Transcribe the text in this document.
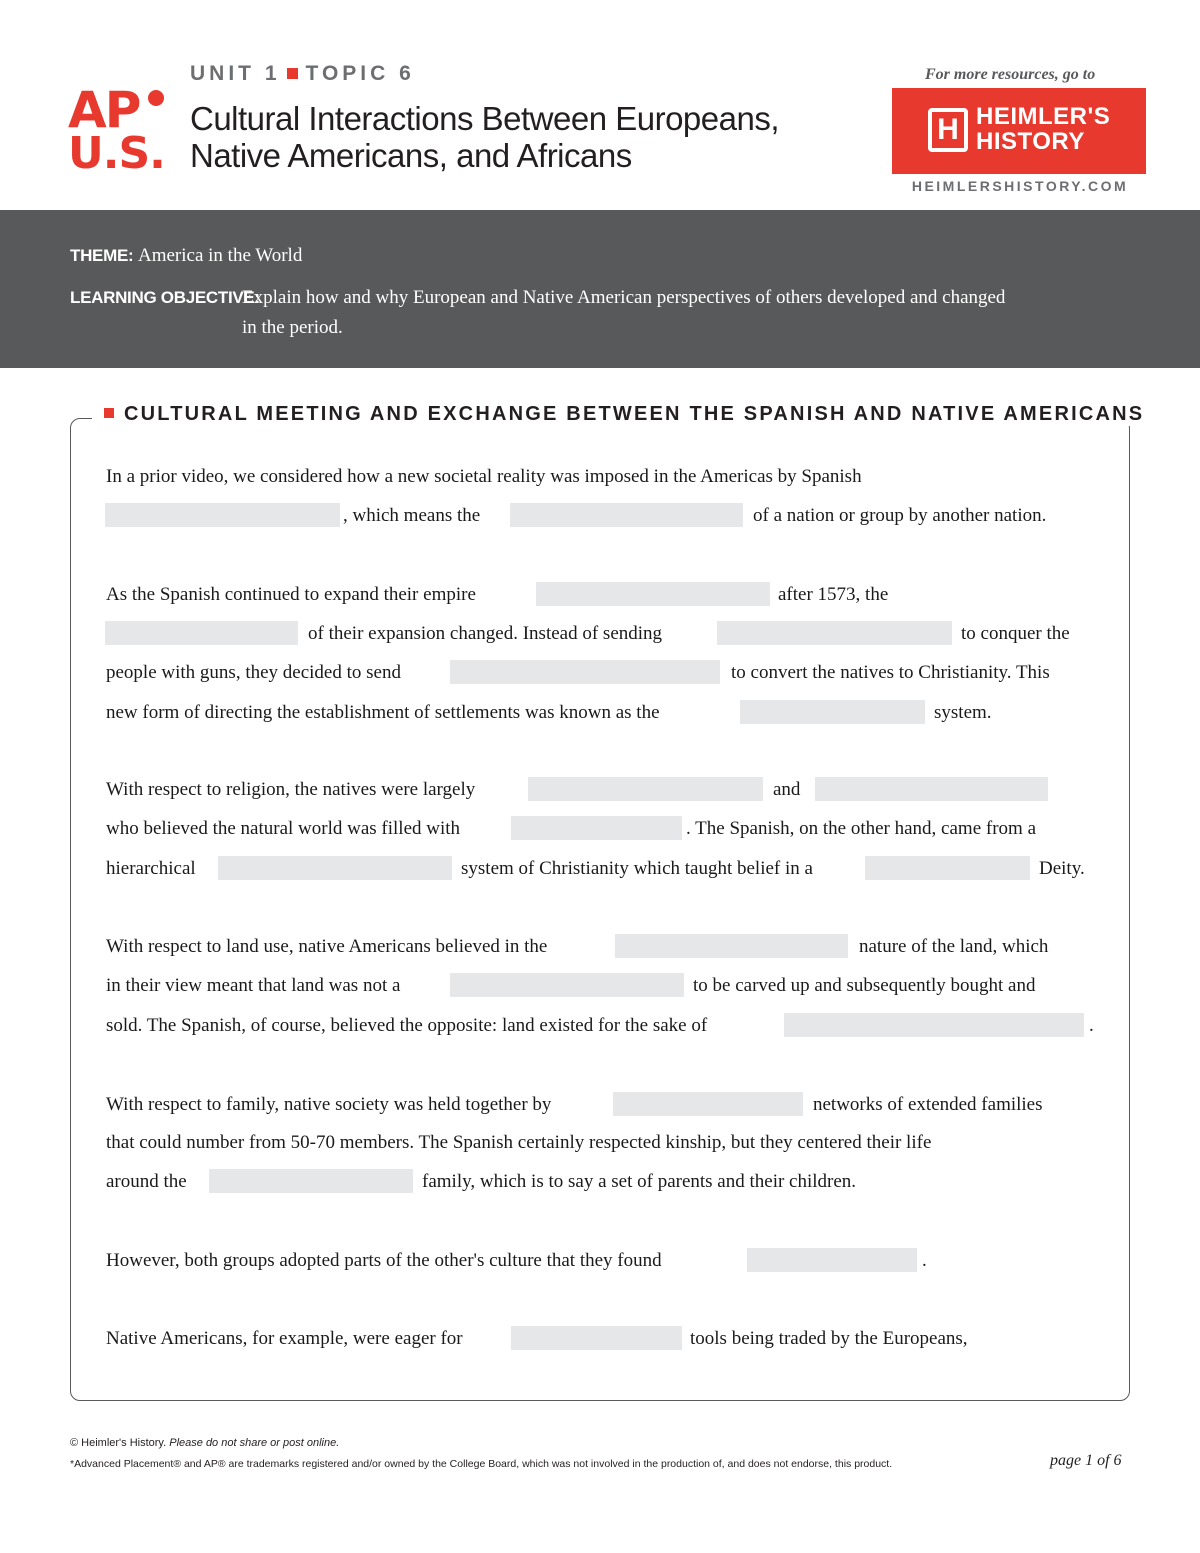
AP
U.S.
UNIT 1 TOPIC 6
Cultural Interactions Between Europeans,
Native Americans, and Africans
For more resources, go to
H HEIMLER'S
HISTORY
HEIMLERSHISTORY.COM
THEME: America in the World
LEARNING OBJECTIVE:
Explain how and why European and Native American perspectives of others developed and changed
in the period.
CULTURAL MEETING AND EXCHANGE BETWEEN THE SPANISH AND NATIVE AMERICANS
In a prior video, we considered how a new societal reality was imposed in the Americas by Spanish
, which means the	of a nation or group by another nation.
As the Spanish continued to expand their empire	after 1573, the
of their expansion changed. Instead of sending	to conquer the
people with guns, they decided to send	to convert the natives to Christianity. This
new form of directing the establishment of settlements was known as the	system.
With respect to religion, the natives were largely	and
who believed the natural world was filled with	. The Spanish, on the other hand, came from a
hierarchical	system of Christianity which taught belief in a	Deity.
With respect to land use, native Americans believed in the	nature of the land, which
in their view meant that land was not a	to be carved up and subsequently bought and
sold. The Spanish, of course, believed the opposite: land existed for the sake of	.
With respect to family, native society was held together by	networks of extended families
that could number from 50-70 members. The Spanish certainly respected kinship, but they centered their life
around the	family, which is to say a set of parents and their children.
However, both groups adopted parts of the other's culture that they found	.
Native Americans, for example, were eager for	tools being traded by the Europeans,
© Heimler's History. Please do not share or post online.
*Advanced Placement® and AP® are trademarks registered and/or owned by the College Board, which was not involved in the production of, and does not endorse, this product.	page 1 of 6
